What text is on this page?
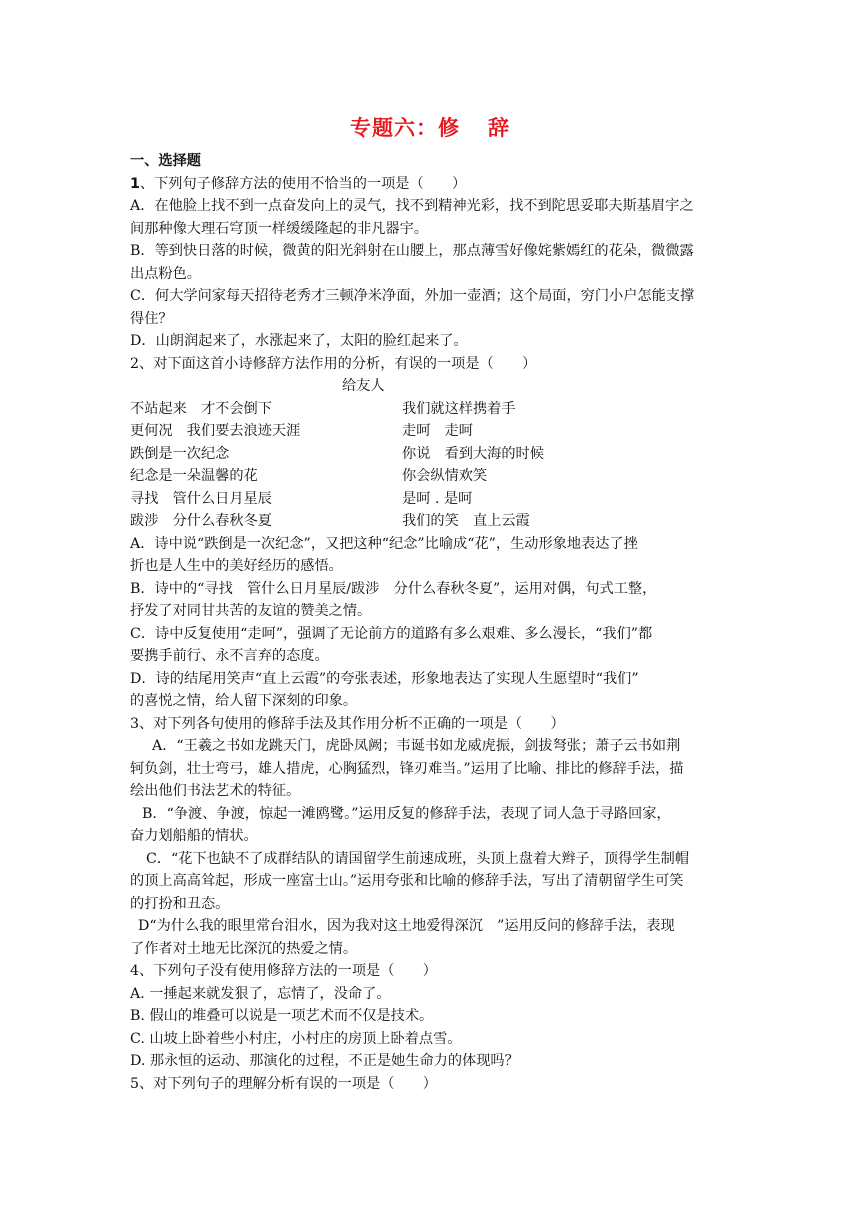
专题六：修 辞

一、选择题

1、下列句子修辞方法的使用不恰当的一项是（　　）

A．在他脸上找不到一点奋发向上的灵气，找不到精神光彩，找不到陀思妥耶夫斯基眉宇之

间那种像大理石穹顶一样缓缓隆起的非凡器宇。

B．等到快日落的时候，微黄的阳光斜射在山腰上，那点薄雪好像姹紫嫣红的花朵，微微露

出点粉色。

C．何大学问家每天招待老秀才三顿净米净面，外加一壶酒；这个局面，穷门小户怎能支撑

得住？

D．山朗润起来了，水涨起来了，太阳的脸红起来了。

2、对下面这首小诗修辞方法作用的分析，有误的一项是（　　）

给友人

不站起来　才不会倒下	我们就这样携着手
更何况　我们要去浪迹天涯	走呵　走呵
跌倒是一次纪念	你说　看到大海的时候
纪念是一朵温馨的花	你会纵情欢笑
寻找　管什么日月星辰	是呵 . 是呵
跋涉　分什么春秋冬夏	我们的笑　直上云霞

A．诗中说“跌倒是一次纪念”，又把这种“纪念”比喻成“花”，生动形象地表达了挫

折也是人生中的美好经历的感悟。

B．诗中的“寻找　管什么日月星辰/跋涉　分什么春秋冬夏”，运用对偶，句式工整，

抒发了对同甘共苦的友谊的赞美之情。

C．诗中反复使用“走呵”，强调了无论前方的道路有多么艰难、多么漫长，“我们”都

要携手前行、永不言弃的态度。

D．诗的结尾用笑声“直上云霞”的夸张表述，形象地表达了实现人生愿望时“我们”

的喜悦之情，给人留下深刻的印象。

3、对下列各句使用的修辞手法及其作用分析不正确的一项是（　　）

A．“王羲之书如龙跳天门，虎卧凤阙；韦诞书如龙威虎振，剑拔弩张；萧子云书如荆

轲负剑，壮士弯弓，雄人措虎，心胸猛烈，锋刃难当。”运用了比喻、排比的修辞手法，描

绘出他们书法艺术的特征。

B．“争渡、争渡，惊起一滩鸥鹭。”运用反复的修辞手法，表现了词人急于寻路回家，

奋力划船船的情状。

C．“花下也缺不了成群结队的请国留学生前速成班，头顶上盘着大辫子，顶得学生制帽

的顶上高高耸起，形成一座富士山。”运用夸张和比喻的修辞手法，写出了清朝留学生可笑

的打扮和丑态。

D“为什么我的眼里常台泪水，因为我对这土地爱得深沉　”运用反问的修辞手法，表现

了作者对土地无比深沉的热爱之情。

4、下列句子没有使用修辞方法的一项是（　　）

A. 一捶起来就发狠了，忘情了，没命了。

B. 假山的堆叠可以说是一项艺术而不仅是技术。

C. 山坡上卧着些小村庄，小村庄的房顶上卧着点雪。

D. 那永恒的运动、那演化的过程，不正是她生命力的体现吗？

5、对下列句子的理解分析有误的一项是（　　）
